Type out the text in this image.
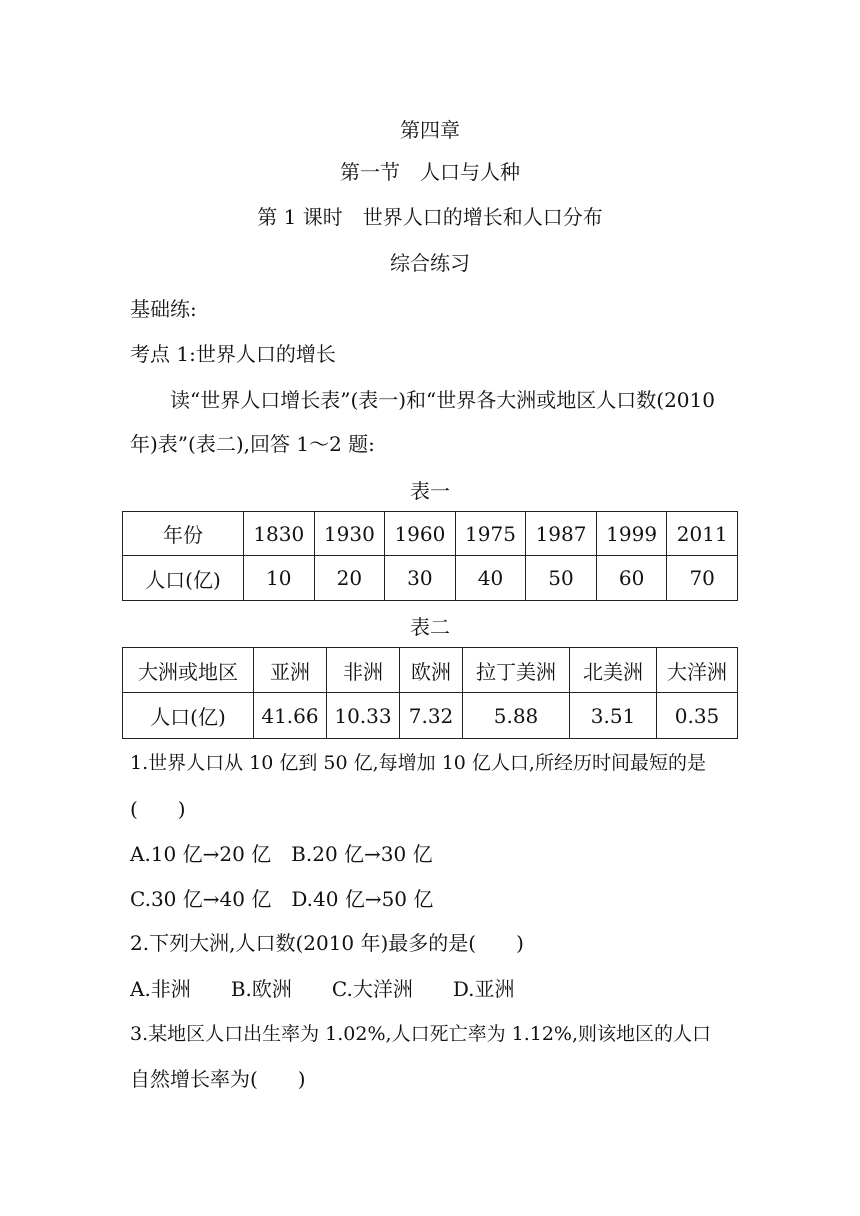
第四章
第一节　人口与人种
第 1 课时　世界人口的增长和人口分布
综合练习
基础练:
考点 1:世界人口的增长
读“世界人口增长表”(表一)和“世界各大洲或地区人口数(2010
年)表”(表二),回答 1～2 题:
表一
年份	1830	1930	1960	1975	1987	1999	2011
人口(亿)	10	20	30	40	50	60	70
表二
大洲或地区	亚洲	非洲	欧洲	拉丁美洲	北美洲	大洋洲
人口(亿)	41.66	10.33	7.32	5.88	3.51	0.35
1.世界人口从 10 亿到 50 亿,每增加 10 亿人口,所经历时间最短的是
(　　)
A.10 亿→20 亿 B.20 亿→30 亿
C.30 亿→40 亿 D.40 亿→50 亿
2.下列大洲,人口数(2010 年)最多的是(　　)
A.非洲 B.欧洲 C.大洋洲 D.亚洲
3.某地区人口出生率为 1.02%,人口死亡率为 1.12%,则该地区的人口
自然增长率为(　　)
